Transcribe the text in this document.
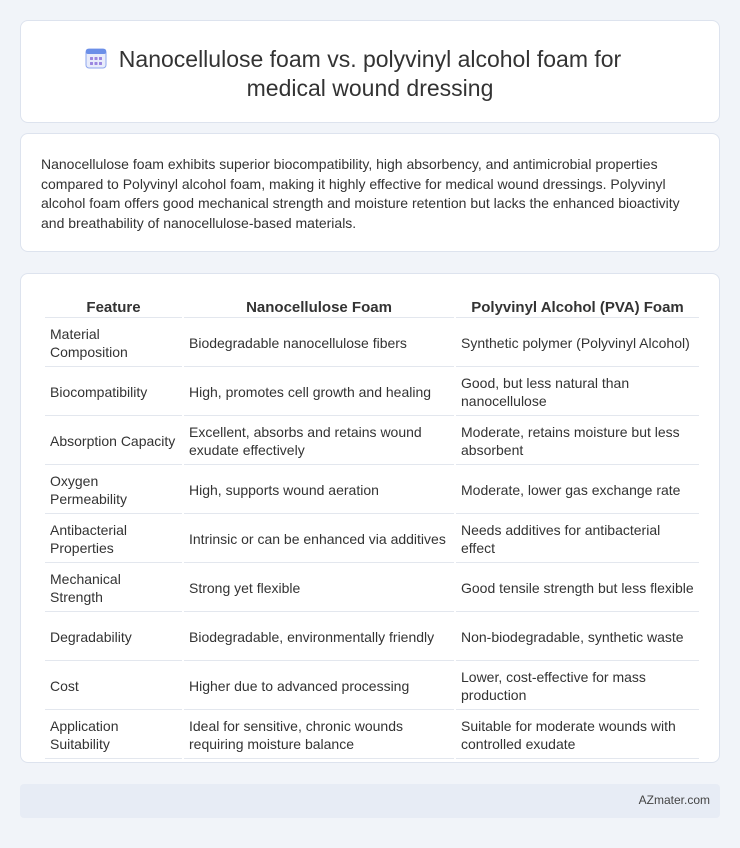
Nanocellulose foam vs. polyvinyl alcohol foam for
medical wound dressing

Nanocellulose foam exhibits superior biocompatibility, high absorbency, and antimicrobial properties compared to Polyvinyl alcohol foam, making it highly effective for medical wound dressings. Polyvinyl alcohol foam offers good mechanical strength and moisture retention but lacks the enhanced bioactivity and breathability of nanocellulose-based materials.

Feature	Nanocellulose Foam	Polyvinyl Alcohol (PVA) Foam
Material Composition	Biodegradable nanocellulose fibers	Synthetic polymer (Polyvinyl Alcohol)
Biocompatibility	High, promotes cell growth and healing	Good, but less natural than nanocellulose
Absorption Capacity	Excellent, absorbs and retains wound exudate effectively	Moderate, retains moisture but less absorbent
Oxygen Permeability	High, supports wound aeration	Moderate, lower gas exchange rate
Antibacterial Properties	Intrinsic or can be enhanced via additives	Needs additives for antibacterial effect
Mechanical Strength	Strong yet flexible	Good tensile strength but less flexible
Degradability	Biodegradable, environmentally friendly	Non-biodegradable, synthetic waste
Cost	Higher due to advanced processing	Lower, cost-effective for mass production
Application Suitability	Ideal for sensitive, chronic wounds requiring moisture balance	Suitable for moderate wounds with controlled exudate
AZmater.com
